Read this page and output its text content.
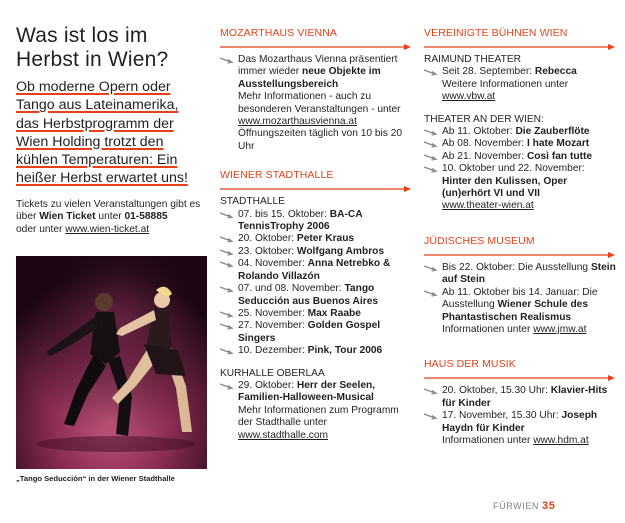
Was ist los im
Herbst in Wien?
Ob moderne Opern oder
Tango aus Lateinamerika,
das Herbstprogramm der
Wien Holding trotzt den
kühlen Temperaturen: Ein
heißer Herbst erwartet uns!
Tickets zu vielen Veranstaltungen gibt es über Wien Ticket unter 01-58885
oder unter www.wien-ticket.at
„Tango Seducción“ in der Wiener Stadthalle
MOZARTHAUS VIENNA
Das Mozarthaus Vienna präsentiert immer wieder neue Objekte im Ausstellungsbereich
Mehr Informationen - auch zu besonderen Veranstaltungen - unter www.mozarthausvienna.at
Öffnungszeiten täglich von 10 bis 20 Uhr
WIENER STADTHALLE
STADTHALLE
07. bis 15. Oktober: BA-CA TennisTrophy 2006
20. Oktober: Peter Kraus
23. Oktober: Wolfgang Ambros
04. November: Anna Netrebko & Rolando Villazón
07. und 08. November: Tango Seducción aus Buenos Aires
25. November: Max Raabe
27. November: Golden Gospel Singers
10. Dezember: Pink, Tour 2006
KURHALLE OBERLAA
29. Oktober: Herr der Seelen, Familien-Halloween-Musical
Mehr Informationen zum Programm der Stadthalle unter www.stadthalle.com
VEREINIGTE BÜHNEN WIEN
RAIMUND THEATER
Seit 28. September: Rebecca
Weitere Informationen unter
www.vbw.at
THEATER AN DER WIEN:
Ab 11. Oktober: Die Zauberflöte
Ab 08. November: I hate Mozart
Ab 21. November: Così fan tutte
10. Oktober und 22. November: Hinter den Kulissen, Oper (un)erhört VI und VII
www.theater-wien.at
JÜDISCHES MUSEUM
Bis 22. Oktober: Die Ausstellung Stein auf Stein
Ab 11. Oktober bis 14. Januar: Die Ausstellung Wiener Schule des Phantastischen Realismus
Informationen unter www.jmw.at
HAUS DER MUSIK
20. Oktober, 15.30 Uhr: Klavier-Hits für Kinder
17. November, 15.30 Uhr: Joseph Haydn für Kinder
Informationen unter www.hdm.at
FÜRWIEN 35
